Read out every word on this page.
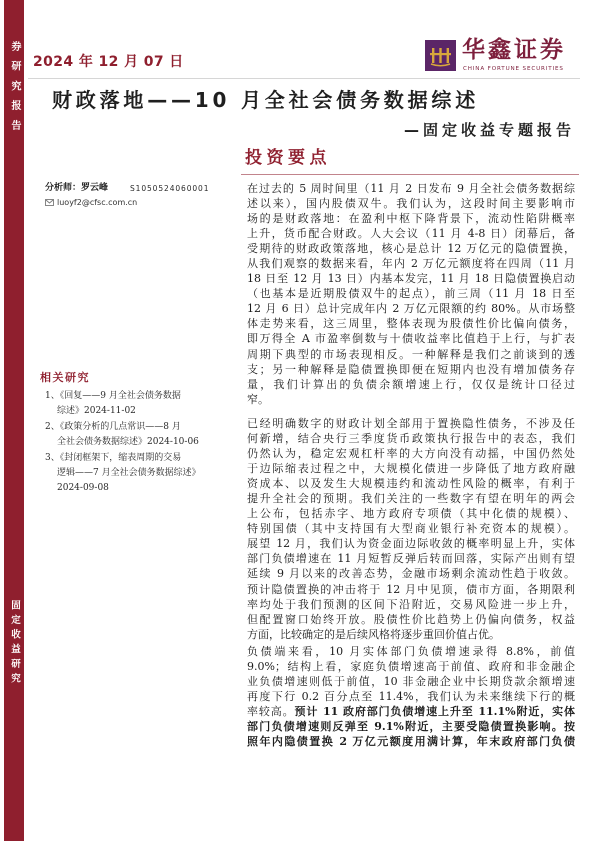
券研究报告
固定收益研究
2024 年 12 月 07 日	华鑫证券
CHINA FORTUNE SECURITIES
财政落地——10 月全社会债务数据综述
—固定收益专题报告
分析师：罗云峰	S1050524060001
luoyf2@cfsc.com.cn
相关研究
1、《回复——9 月全社会债务数据
综述》2024-11-02
2、《政策分析的几点常识——8 月
全社会债务数据综述》2024-10-06
3、《封闭框架下，缩表周期的交易
逻辑——7 月全社会债务数据综述》
2024-09-08
投资要点
在过去的 5 周时间里（11 月 2 日发布 9 月全社会债务数据综
述以来），国内股债双牛。我们认为，这段时间主要影响市
场的是财政落地：在盈利中枢下降背景下，流动性陷阱概率
上升，货币配合财政。人大会议（11 月 4-8 日）闭幕后，备
受期待的财政政策落地，核心是总计 12 万亿元的隐债置换，
从我们观察的数据来看，年内 2 万亿元额度将在四周（11 月
18 日至 12 月 13 日）内基本发完，11 月 18 日隐债置换启动
（也基本是近期股债双牛的起点），前三周（11 月 18 日至
12 月 6 日）总计完成年内 2 万亿元限额的约 80%。从市场整
体走势来看，这三周里，整体表现为股债性价比偏向债务，
即万得全 A 市盈率倒数与十债收益率比值趋于上行，与扩表
周期下典型的市场表现相反。一种解释是我们之前谈到的透
支；另一种解释是隐债置换即便在短期内也没有增加债务存
量，我们计算出的负债余额增速上行，仅仅是统计口径过
窄。
已经明确数字的财政计划全部用于置换隐性债务，不涉及任
何新增，结合央行三季度货币政策执行报告中的表态，我们
仍然认为，稳定宏观杠杆率的大方向没有动摇，中国仍然处
于边际缩表过程之中，大规模化债进一步降低了地方政府融
资成本、以及发生大规模违约和流动性风险的概率，有利于
提升全社会的预期。我们关注的一些数字有望在明年的两会
上公布，包括赤字、地方政府专项债（其中化债的规模）、
特别国债（其中支持国有大型商业银行补充资本的规模）。
展望 12 月，我们认为资金面边际收敛的概率明显上升，实体
部门负债增速在 11 月短暂反弹后转而回落，实际产出则有望
延续 9 月以来的改善态势，金融市场剩余流动性趋于收敛。
预计隐债置换的冲击将于 12 月中见顶，债市方面，各期限利
率均处于我们预测的区间下沿附近，交易风险进一步上升，
但配置窗口始终开放。股债性价比趋势上仍偏向债务，权益
方面，比较确定的是后续风格将逐步重回价值占优。
负债端来看，10 月实体部门负债增速录得 8.8%，前值
9.0%；结构上看，家庭负债增速高于前值、政府和非金融企
业负债增速则低于前值，10 非金融企业中长期贷款余额增速
再度下行 0.2 百分点至 11.4%，我们认为未来继续下行的概
率较高。预计 11 政府部门负债增速上升至 11.1%附近，实体
部门负债增速则反弹至 9.1%附近，主要受隐债置换影响。按
照年内隐债置换 2 万亿元额度用满计算，年末政府部门负债
